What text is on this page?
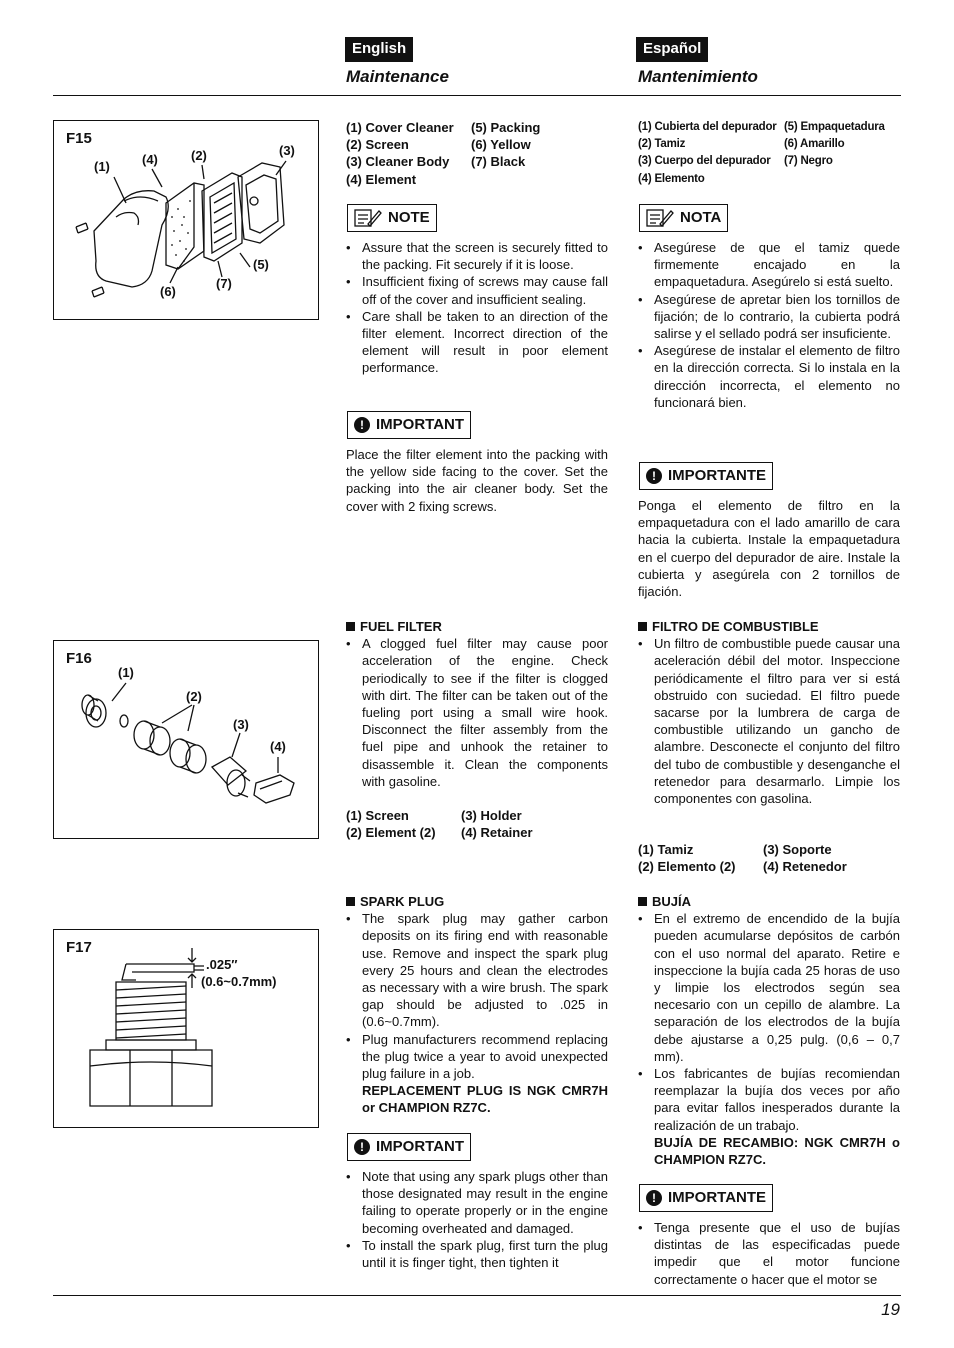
English	Español
Maintenance	Mantenimiento
F15
(1) (4)	(2)	(3)
(5)
(6)
(7)
F16
(1)
(2)
(3)
(4)
F17
.025″
(0.6~0.7mm)
(1) Cover Cleaner	(5) Packing
(2) Screen	(6) Yellow
(3) Cleaner Body	(7) Black
(4) Element
NOTE
• Assure that the screen is securely fitted to the packing. Fit securely if it is loose.
• Insufficient fixing of screws may cause fall off of the cover and insufficient sealing.
• Care shall be taken to an direction of the filter element. Incorrect direction of the element will result in poor element performance.
! IMPORTANT

Place the filter element into the packing with the yellow side facing to the cover. Set the packing into the air cleaner body. Set the cover with 2 fixing screws.

FUEL FILTER

• A clogged fuel filter may cause poor acceleration of the engine. Check periodically to see if the filter is clogged with dirt. The filter can be taken out of the fueling port using a small wire hook. Disconnect the filter assembly from the fuel pipe and unhook the retainer to disassemble it. Clean the components with gasoline.
(1) Screen	(3) Holder
(2) Element (2)	(4) Retainer

SPARK PLUG

• The spark plug may gather carbon deposits on its firing end with reasonable use. Remove and inspect the spark plug every 25 hours and clean the electrodes as necessary with a wire brush. The spark gap should be adjusted to .025 in (0.6~0.7mm).
• Plug manufacturers recommend replacing the plug twice a year to avoid unexpected plug failure in a job.
REPLACEMENT PLUG IS NGK CMR7H or CHAMPION RZ7C.
! IMPORTANT
• Note that using any spark plugs other than those designated may result in the engine failing to operate properly or in the engine becoming overheated and damaged.
• To install the spark plug, first turn the plug until it is finger tight, then tighten it
(1) Cubierta del depurador (5) Empaquetadura
(2) Tamiz	(6) Amarillo
(3) Cuerpo del depurador	(7) Negro
(4) Elemento
NOTA
• Asegúrese de que el tamiz quede firmemente encajado en la empaquetadura. Asegúrelo si está suelto.
• Asegúrese de apretar bien los tornillos de fijación; de lo contrario, la cubierta podrá salirse y el sellado podrá ser insuficiente.
• Asegúrese de instalar el elemento de filtro en la dirección correcta. Si lo instala en la dirección incorrecta, el elemento no funcionará bien.
! IMPORTANTE

Ponga el elemento de filtro en la empaquetadura con el lado amarillo de cara hacia la cubierta. Instale la empaquetadura en el cuerpo del depurador de aire. Instale la cubierta y asegúrela con 2 tornillos de fijación.

FILTRO DE COMBUSTIBLE

• Un filtro de combustible puede causar una aceleración débil del motor. Inspeccione periódicamente el filtro para ver si está obstruido con suciedad. El filtro puede sacarse por la lumbrera de carga de combustible utilizando un gancho de alambre. Desconecte el conjunto del filtro del tubo de combustible y desenganche el retenedor para desarmarlo. Limpie los componentes con gasolina.
(1) Tamiz	(3) Soporte
(2) Elemento (2)	(4) Retenedor

BUJÍA

• En el extremo de encendido de la bujía pueden acumularse depósitos de carbón con el uso normal del aparato. Retire e inspeccione la bujía cada 25 horas de uso y limpie los electrodos según sea necesario con un cepillo de alambre. La separación de los electrodos de la bujía debe ajustarse a 0,25 pulg. (0,6 – 0,7 mm).
• Los fabricantes de bujías recomiendan reemplazar la bujía dos veces por año para evitar fallos inesperados durante la realización de un trabajo.
BUJÍA DE RECAMBIO: NGK CMR7H o CHAMPION RZ7C.
! IMPORTANTE
• Tenga presente que el uso de bujías distintas de las especificadas puede impedir que el motor funcione correctamente o hacer que el motor se
19
